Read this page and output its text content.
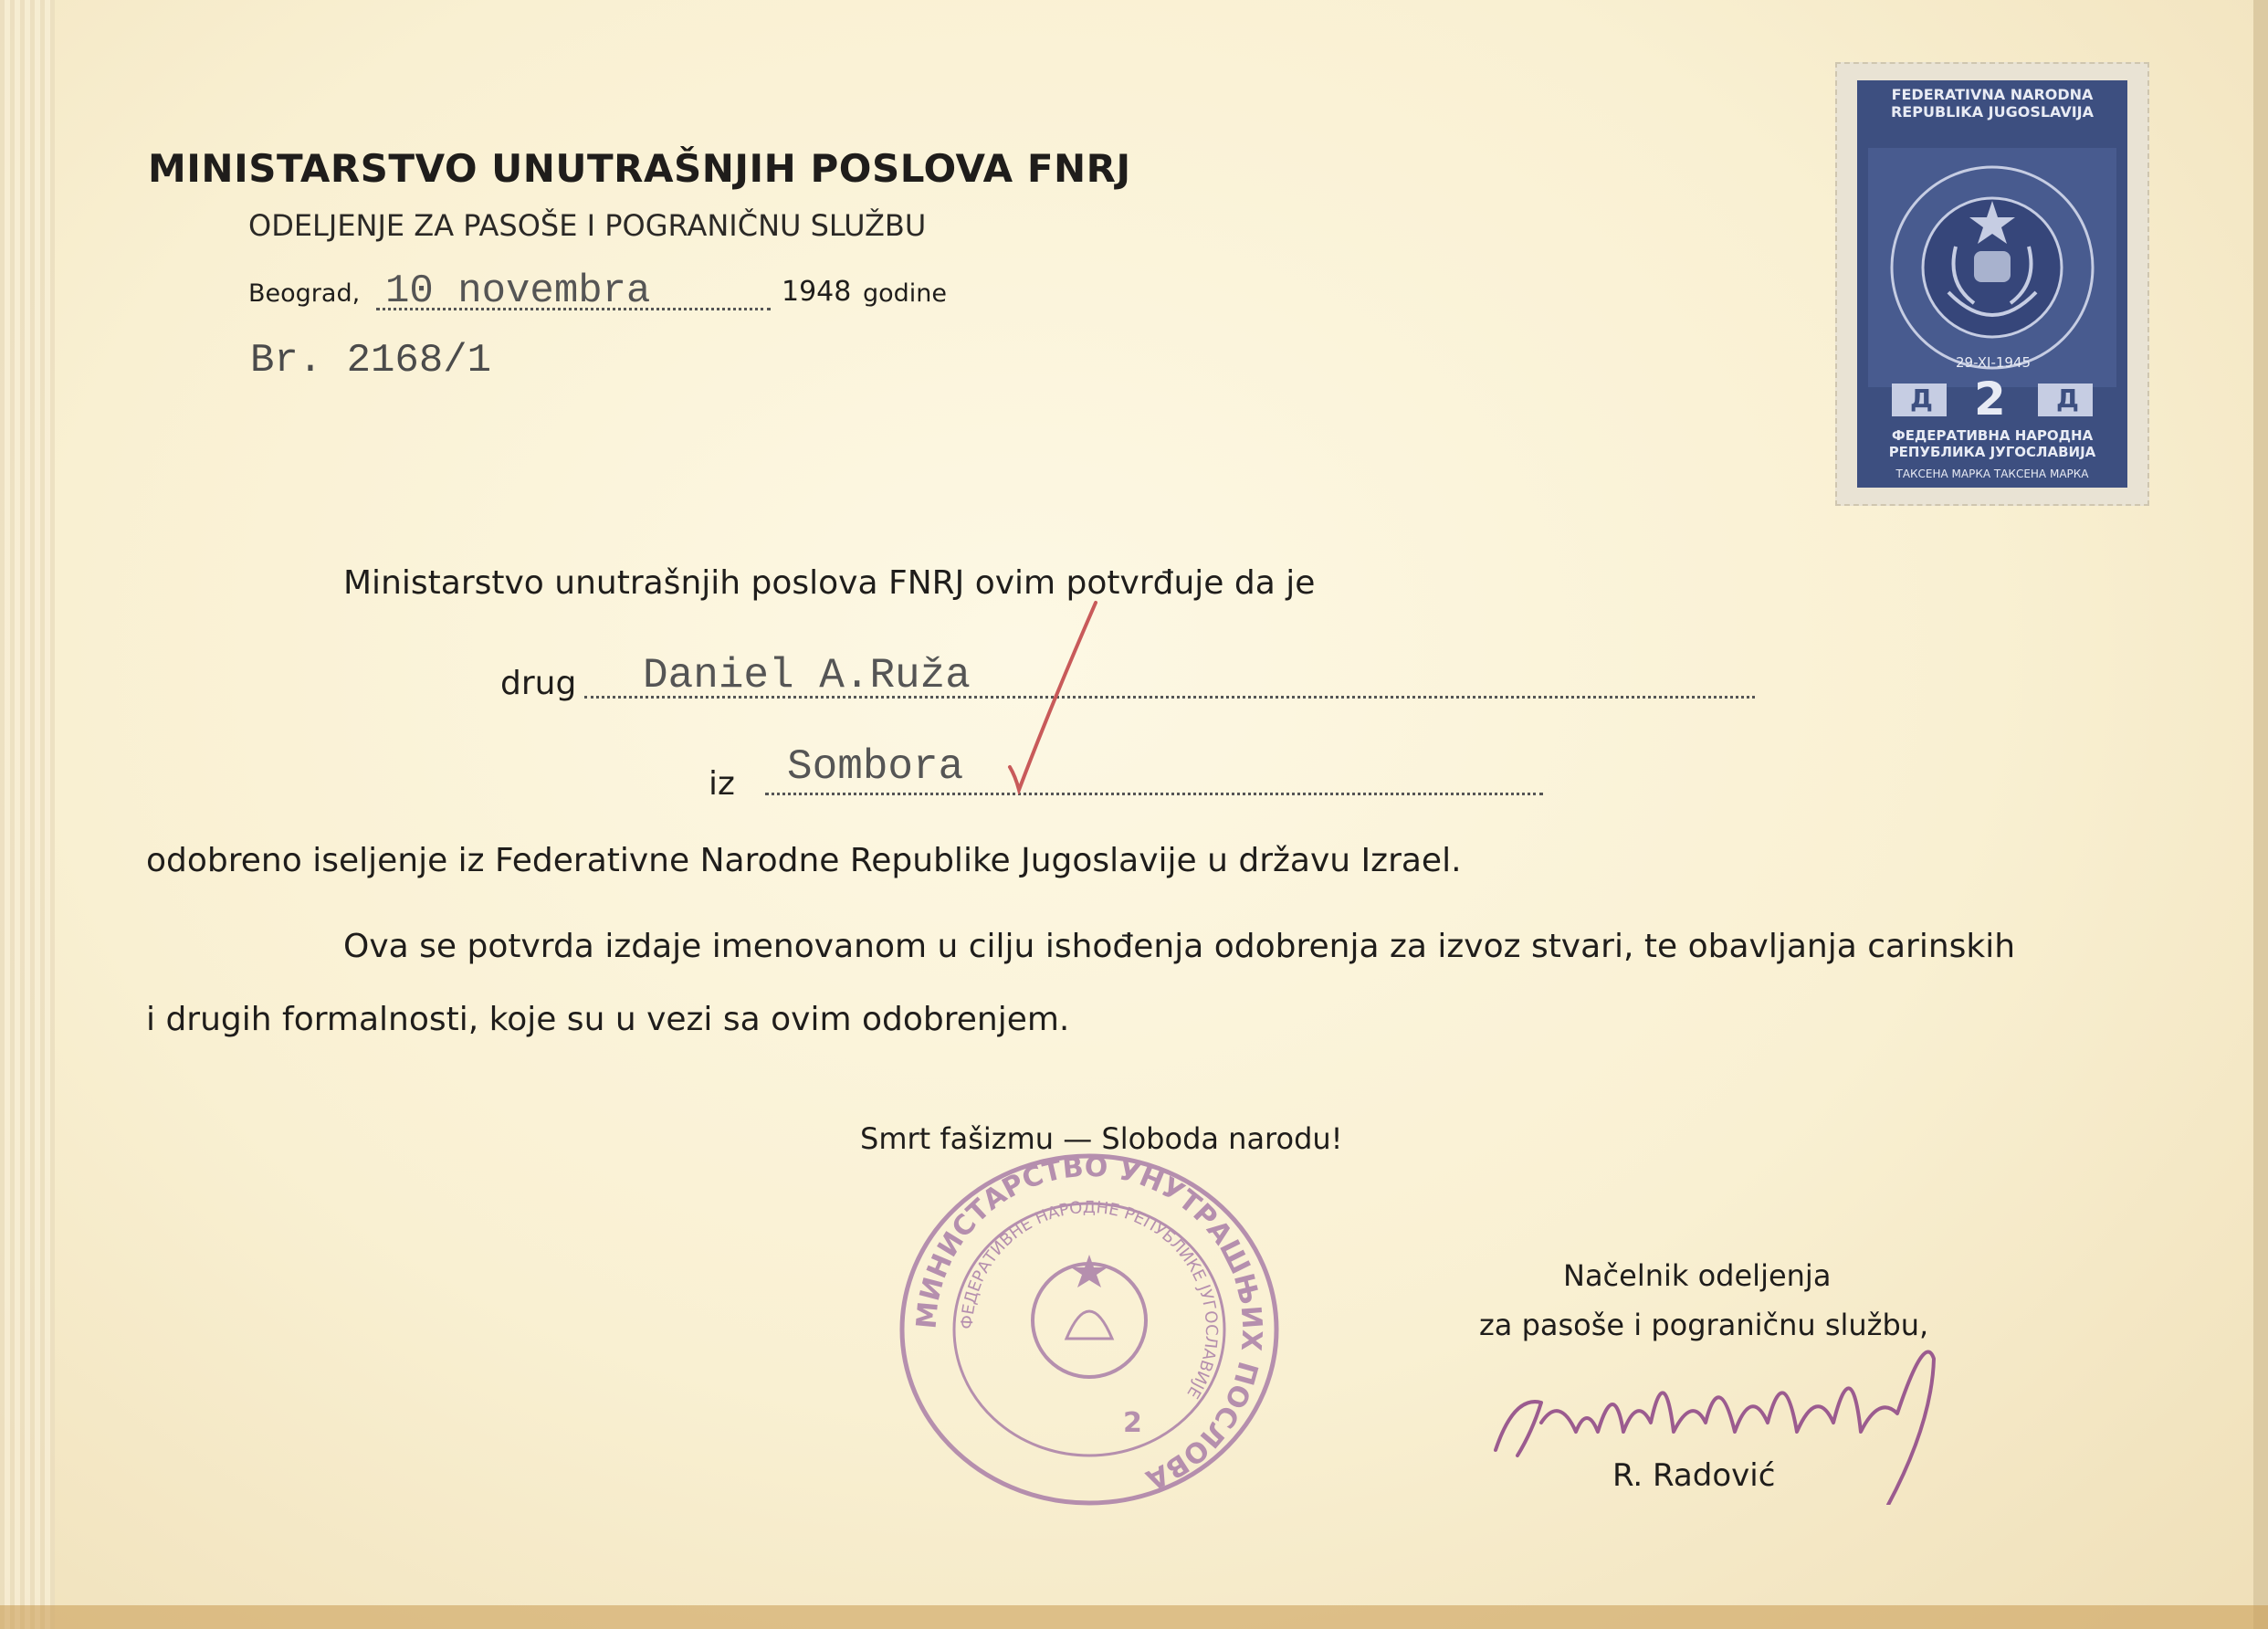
MINISTARSTVO UNUTRAŠNJIH POSLOVA FNRJ
ODELJENJE ZA PASOŠE I POGRANIČNU SLUŽBU
Beograd, 10 novembra	1948 godine
Br. 2168/1
FEDERATIVNA NARODNA REPUBLIKA JUGOSLAVIJA
29-XI-1945
Д 2 Д
ФЕДЕРАТИВНА НАРОДНА РЕПУБЛИКА ЈУГОСЛАВИЈА
ТАКСЕНА МАРКА ТАКСЕНА МАРКА
Ministarstvo unutrašnjih poslova FNRJ ovim potvrđuje da je
drug Daniel A.Ruža
iz Sombora
odobreno iseljenje iz Federativne Narodne Republike Jugoslavije u državu Izrael.
Ova se potvrda izdaje imenovanom u cilju ishođenja odobrenja za izvoz stvari, te obavljanja carinskih
i drugih formalnosti, koje su u vezi sa ovim odobrenjem.
Smrt fašizmu — Sloboda narodu!
МИНИСТАРСТВО УНУТРАШЊИХ ПОСЛОВА
ФЕДЕРАТИВНЕ НАРОДНЕ РЕПУБЛИКЕ ЈУГОСЛАВИЈЕ
2
Načelnik odeljenja
za pasoše i pograničnu službu,
R. Radović
